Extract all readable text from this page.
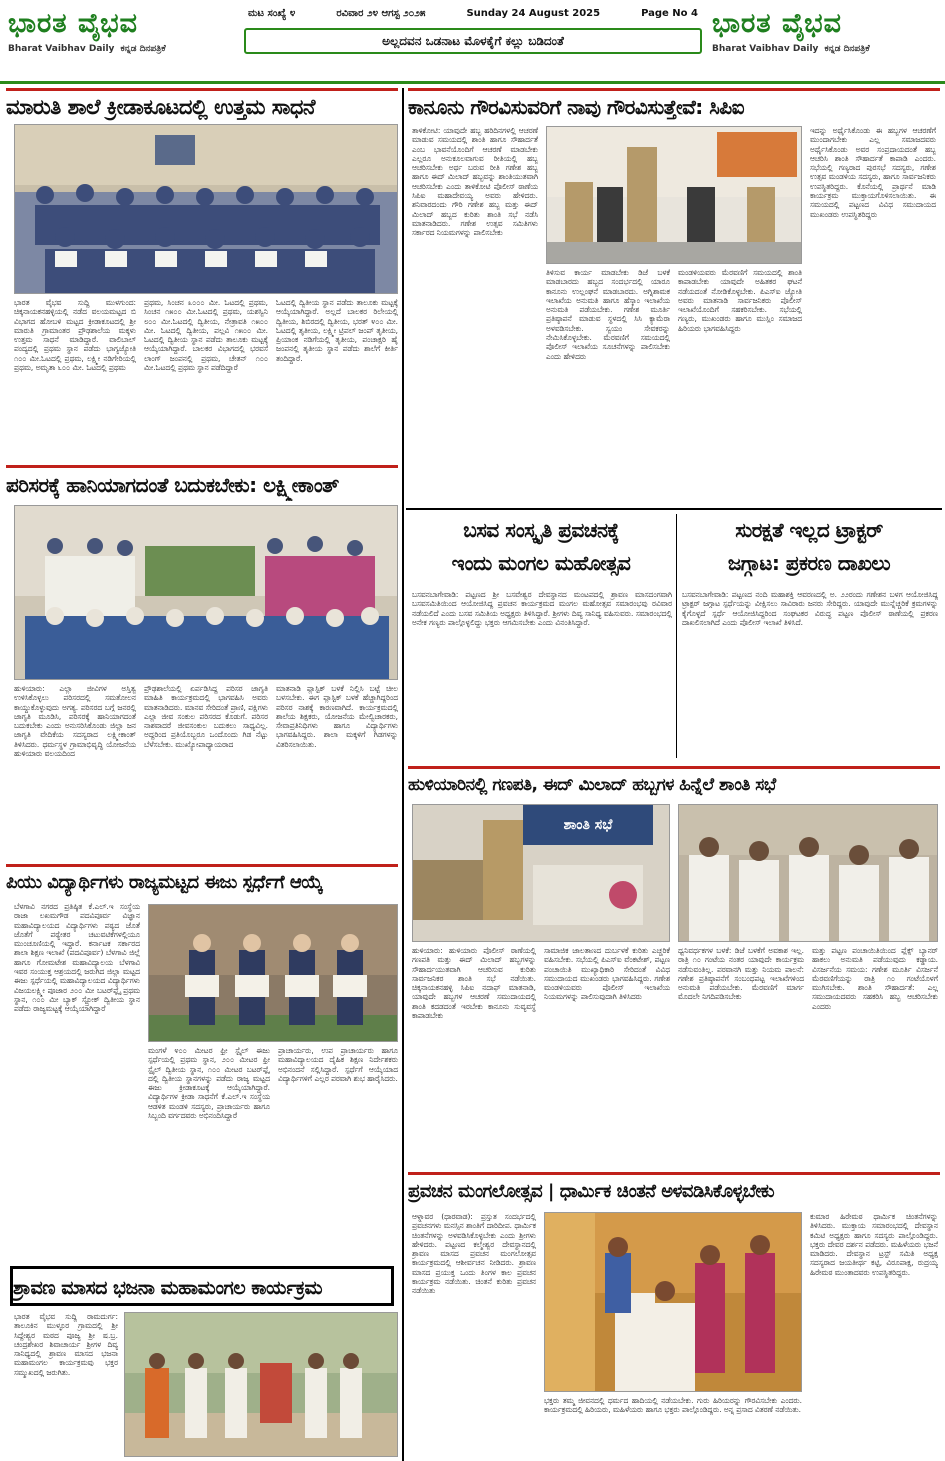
ಭಾರತ ವೈಭವ
Bharat Vaibhav Daily ಕನ್ನಡ ದಿನಪತ್ರಿಕೆ
ಮಟ ಸಂಖ್ಯೆ ೪	ರವಿವಾರ ೨೪ ಆಗಸ್ಟ ೨೦೨೫	Sunday 24 August 2025	Page No 4
ಅಲ್ಲದವನ ಒಡನಾಟ ಮೊಳಕೈಗೆ ಕಲ್ಲು ಬಡಿದಂತೆ
ಭಾರತ ವೈಭವ
Bharat Vaibhav Daily ಕನ್ನಡ ದಿನಪತ್ರಿಕೆ
ಮಾರುತಿ ಶಾಲೆ ಕ್ರೀಡಾಕೂಟದಲ್ಲಿ ಉತ್ತಮ ಸಾಧನೆ
ಭಾರತ ವೈಭವ ಸುದ್ದಿ ಮುಳಗುಂದ: ಚಿಕ್ಕನಾಯಕನಹಳ್ಳಿಯಲ್ಲಿ ನಡೆದ ವಲಯಮಟ್ಟದ ಬಿ ವಿಭಾಗದ ಹೋಬಳಿ ಮಟ್ಟದ ಕ್ರೀಡಾಕೂಟದಲ್ಲಿ ಶ್ರೀ ಮಾರುತಿ ಗ್ರಾಮಾಂತರ ಪ್ರೌಢಶಾಲೆಯ ಮಕ್ಕಳು ಉತ್ತಮ ಸಾಧನೆ ಮಾಡಿದ್ದಾರೆ. ವಾಲಿಬಾಲ್ ಪಂದ್ಯದಲ್ಲಿ ಪ್ರಥಮ ಸ್ಥಾನ ಪಡೆದು ಭಾಗ್ಯಜ್ಯೋತಿ ೧೦೦ ಮೀ.ಓಟದಲ್ಲಿ ಪ್ರಥಮ, ಲಕ್ಷ್ಮೀ ನಡಿಗೇರಿಯಲ್ಲಿ ಪ್ರಥಮ, ಅಮೃತಾ ೬೦೦ ಮೀ. ಓಟದಲ್ಲಿ ಪ್ರಥಮ
ಪ್ರಥಮ, ಸಿಂಚನ ೩೦೦೦ ಮೀ. ಓಟದಲ್ಲಿ ಪ್ರಥಮ, ಸಿಂಚನ ೧೫೦೦ ಮೀ.ಓಟದಲ್ಲಿ ಪ್ರಥಮ, ಯಶಸ್ವಿನಿ ೮೦೦ ಮೀ.ಓಟದಲ್ಲಿ ದ್ವಿತೀಯ, ನೇತ್ರಾವತಿ ೧೫೦೦ ಮೀ. ಓಟದಲ್ಲಿ ದ್ವಿತೀಯ, ಪಲ್ಲವಿ ೧೫೦೦ ಮೀ. ಓಟದಲ್ಲಿ ದ್ವಿತೀಯ ಸ್ಥಾನ ಪಡೆದು ತಾಲೂಕು ಮಟ್ಟಕ್ಕೆ ಆಯ್ಕೆಯಾಗಿದ್ದಾರೆ. ಬಾಲಕರ ವಿಭಾಗದಲ್ಲಿ ಭರವಸೆ ಲಾಂಗ್ ಜಂಪನಲ್ಲಿ ಪ್ರಥಮ, ಚೇತನ್ ೧೦೦ ಮೀ.ಓಟದಲ್ಲಿ ಪ್ರಥಮ ಸ್ಥಾನ ಪಡೆದಿದ್ದಾರೆ
ಓಟದಲ್ಲಿ ದ್ವಿತೀಯ ಸ್ಥಾನ ಪಡೆದು ತಾಲೂಕು ಮಟ್ಟಕ್ಕೆ ಆಯ್ಕೆಯಾಗಿದ್ದಾರೆ. ಅಲ್ಲದೆ ಬಾಲಕರ ರಿಲೇಯಲ್ಲಿ ದ್ವಿತೀಯ, ಶಿಬಿರದಲ್ಲಿ ದ್ವಿತೀಯ, ಭರತ್ ೪೦೦ ಮೀ. ಓಟದಲ್ಲಿ ತೃತೀಯ, ಲಕ್ಷ್ಮೀ ಟ್ರಿಪಲ್ ಜಂಪ್ ತೃತೀಯ, ಪ್ರಿಯಾಂಕ ನಡಿಗೆಯಲ್ಲಿ ತೃತೀಯ, ಪಂಚಾಕ್ಷರಿ ಹೈ ಜಂಪನಲ್ಲಿ ತೃತೀಯ ಸ್ಥಾನ ಪಡೆದು ಶಾಲೆಗೆ ಕೀರ್ತಿ ತಂದಿದ್ದಾರೆ.
ಪರಿಸರಕ್ಕೆ ಹಾನಿಯಾಗದಂತೆ ಬದುಕಬೇಕು: ಲಕ್ಷ್ಮೀಕಾಂತ್
ಹುಳಿಯಾರು: ಎಲ್ಲಾ ಜೀವಿಗಳ ಅಸ್ತಿತ್ವ ಉಳಿಸಿಕೊಳ್ಳಲು ಪರಿಸರದಲ್ಲಿ ಸಮತೋಲನ ಕಾಯ್ದುಕೊಳ್ಳುವುದು ಅಗತ್ಯ. ಪರಿಸರದ ಬಗ್ಗೆ ಜನರಲ್ಲಿ ಜಾಗೃತಿ ಮೂಡಿಸಿ, ಪರಿಸರಕ್ಕೆ ಹಾನಿಯಾಗದಂತೆ ಬದುಕಬೇಕು ಎಂದು ಅನುಸರಿಸಿಕೊಂಡು ಜಿಲ್ಲಾ ಜನ ಜಾಗೃತಿ ವೇದಿಕೆಯ ಸದಸ್ಯರಾದ ಲಕ್ಷ್ಮೀಕಾಂತ್ ತಿಳಿಸಿದರು. ಧರ್ಮಸ್ಥಳ ಗ್ರಾಮಾಭಿವೃದ್ಧಿ ಯೋಜನೆಯ ಹುಳಿಯಾರು ವಲಯದಿಂದ
ಪ್ರೌಢಶಾಲೆಯಲ್ಲಿ ಏರ್ಪಡಿಸಿದ್ದ ಪರಿಸರ ಜಾಗೃತಿ ಮಾಹಿತಿ ಕಾರ್ಯಕ್ರಮದಲ್ಲಿ ಭಾಗವಹಿಸಿ ಅವರು ಮಾತನಾಡಿದರು. ಮಾನವ ಸೇರಿದಂತೆ ಪ್ರಾಣಿ, ಪಕ್ಷಿಗಳು ಎಲ್ಲಾ ಜೀವ ಸಂಕುಲ ಪರಿಸರದ ಕೊಡುಗೆ. ಪರಿಸರ ನಾಶವಾದರೆ ಜೀವಸಂಕುಲ ಬದುಕಲು ಸಾಧ್ಯವಿಲ್ಲ. ಅದ್ದರಿಂದ ಪ್ರತಿಯೊಬ್ಬರೂ ಒಂದೊಂದು ಗಿಡ ನೆಟ್ಟು ಬೆಳೆಸಬೇಕು. ಮುಖ್ಯೋಪಾಧ್ಯಾಯರಾದ
ಮಾತನಾಡಿ ಪ್ಲಾಸ್ಟಿಕ್ ಬಳಕೆ ನಿಲ್ಲಿಸಿ ಬಟ್ಟೆ ಚೀಲ ಬಳಸಬೇಕು. ಈಗ ಪ್ಲಾಸ್ಟಿಕ್ ಬಳಕೆ ಹೆಚ್ಚಾಗಿದ್ದರಿಂದ ಪರಿಸರ ನಾಶಕ್ಕೆ ಕಾರಣವಾಗಿದೆ. ಕಾರ್ಯಕ್ರಮದಲ್ಲಿ ಶಾಲೆಯ ಶಿಕ್ಷಕರು, ಯೋಜನೆಯ ಮೇಲ್ವಿಚಾರಕರು, ಸೇವಾಪ್ರತಿನಿಧಿಗಳು ಹಾಗೂ ವಿದ್ಯಾರ್ಥಿಗಳು ಭಾಗವಹಿಸಿದ್ದರು. ಶಾಲಾ ಮಕ್ಕಳಿಗೆ ಗಿಡಗಳನ್ನು ವಿತರಿಸಲಾಯಿತು.
ಪಿಯು ವಿದ್ಯಾರ್ಥಿಗಳು ರಾಜ್ಯಮಟ್ಟದ ಈಜು ಸ್ಪರ್ಧೆಗೆ ಆಯ್ಕೆ
ಬೆಳಗಾವಿ ನಗರದ ಪ್ರತಿಷ್ಠಿತ ಕೆ.ಎಲ್.ಇ ಸಂಸ್ಥೆಯ ರಾಜಾ ಲಖಮಗೌಡ ಪದವಿಪೂರ್ವ ವಿಜ್ಞಾನ ಮಹಾವಿದ್ಯಾಲಯದ ವಿದ್ಯಾರ್ಥಿಗಳು ಪಠ್ಯದ ಜೊತೆ ಜೊತೆಗೆ ಪಠ್ಯೇತರ ಚಟುವಟಿಕೆಗಳಲ್ಲಿಯೂ ಮುಂಚೂಣಿಯಲ್ಲಿ ಇದ್ದಾರೆ. ಕರ್ನಾಟಕ ಸರ್ಕಾರದ ಶಾಲಾ ಶಿಕ್ಷಣ ಇಲಾಖೆ (ಪದವಿಪೂರ್ವ) ಬೆಳಗಾವಿ ಜಿಲ್ಲೆ ಹಾಗೂ ಗೋಮಟೇಶ ಮಹಾವಿದ್ಯಾಲಯ ಬೆಳಗಾವಿ ಇವರ ಸಂಯುಕ್ತ ಆಶ್ರಯದಲ್ಲಿ ಜರುಗಿದ ಜಿಲ್ಲಾ ಮಟ್ಟದ ಈಜು ಸ್ಪರ್ಧೆಯಲ್ಲಿ ಮಹಾವಿದ್ಯಾಲಯದ ವಿದ್ಯಾರ್ಥಿಗಳು ವಿಜಯಲಕ್ಷ್ಮೀ ಪೂಜಾರ ೨೦೦ ಮೀ ಬಟರ್‌ಫ್ಲೈ ಪ್ರಥಮ ಸ್ಥಾನ, ೧೦೦ ಮೀ ಬ್ಯಾಕ್ ಸ್ಟ್ರೋಕ್ ದ್ವಿತೀಯ ಸ್ಥಾನ ಪಡೆದು ರಾಜ್ಯಮಟ್ಟಕ್ಕೆ ಆಯ್ಕೆಯಾಗಿದ್ದಾರೆ
ಮಂಗಳೆ ೪೦೦ ಮೀಟರ ಫ್ರೀ ಸ್ಟೈಲ್ ಈಜು ಸ್ಪರ್ಧೆಯಲ್ಲಿ ಪ್ರಥಮ ಸ್ಥಾನ, ೨೦೦ ಮೀಟರ ಫ್ರೀ ಸ್ಟೈಲ್ ದ್ವಿತೀಯ ಸ್ಥಾನ, ೧೦೦ ಮೀಟರ ಬಟರ್‌ಫ್ಲೈ ದಲ್ಲಿ ದ್ವಿತೀಯ ಸ್ಥಾನಗಳನ್ನು ಪಡೆದು ರಾಜ್ಯ ಮಟ್ಟದ ಈಜು ಕ್ರೀಡಾಕೂಟಕ್ಕೆ ಆಯ್ಕೆಯಾಗಿದ್ದಾರೆ. ವಿದ್ಯಾರ್ಥಿಗಳ ಕ್ರೀಡಾ ಸಾಧನೆಗೆ ಕೆ.ಎಲ್.ಇ ಸಂಸ್ಥೆಯ ಆಡಳಿತ ಮಂಡಳಿ ಸದಸ್ಯರು, ಪ್ರಾಚಾರ್ಯರು ಹಾಗೂ ಸಿಬ್ಬಂದಿ ವರ್ಗದವರು ಅಭಿನಂದಿಸಿದ್ದಾರೆ
ಪ್ರಾಚಾರ್ಯರು, ಉಪ ಪ್ರಾಚಾರ್ಯರು ಹಾಗೂ ಮಹಾವಿದ್ಯಾಲಯದ ದೈಹಿಕ ಶಿಕ್ಷಣ ನಿರ್ದೇಶಕರು ಅಭಿನಂದನೆ ಸಲ್ಲಿಸಿದ್ದಾರೆ. ಸ್ಪರ್ಧೆಗೆ ಆಯ್ಕೆಯಾದ ವಿದ್ಯಾರ್ಥಿಗಳಿಗೆ ಎಲ್ಲರ ಪರವಾಗಿ ಶುಭ ಹಾರೈಸಿದರು.
ಶ್ರಾವಣ ಮಾಸದ ಭಜನಾ ಮಹಾಮಂಗಲ ಕಾರ್ಯಕ್ರಮ
ಭಾರತ ವೈಭವ ಸುದ್ದಿ ರಾಮದುರ್ಗ: ತಾಲೂಕಿನ ಮುಳ್ಳೂರ ಗ್ರಾಮದಲ್ಲಿ ಶ್ರೀ ಸಿದ್ದೇಶ್ವರ ಮಠದ ಪೂಜ್ಯ ಶ್ರೀ ಷ.ಬ್ರ. ಚಂದ್ರಶೇಖರ ಶಿವಾಚಾರ್ಯ ಶ್ರೀಗಳ ದಿವ್ಯ ಸಾನಿಧ್ಯದಲ್ಲಿ ಶ್ರಾವಣ ಮಾಸದ ಭಜನಾ ಮಹಾಮಂಗಲ ಕಾರ್ಯಕ್ರಮವು ಭಕ್ತರ ಸಮ್ಮುಖದಲ್ಲಿ ಜರುಗಿತು.
ಕಾನೂನು ಗೌರವಿಸುವರಿಗೆ ನಾವು ಗೌರವಿಸುತ್ತೇವೆ: ಸಿಪಿಐ
ತಾಳಿಕೋಟಿ: ಯಾವುದೇ ಹಬ್ಬ ಹರಿದಿನಗಳಲ್ಲಿ ಆಚರಣೆ ಮಾಡುವ ಸಮಯದಲ್ಲಿ ಶಾಂತಿ ಹಾಗೂ ಸೌಹಾರ್ದತೆ ಎಂಬ ಭಾವನೆಯೊಂದಿಗೆ ಆಚರಣೆ ಮಾಡಬೇಕು ಎಲ್ಲರೂ ಅನುಕೂಲವಾಗುವ ರೀತಿಯಲ್ಲಿ ಹಬ್ಬ ಆಚರಿಸಬೇಕು ಅರ್ಥ ಬರುವ ರೀತಿ ಗಣೇಶ ಹಬ್ಬ ಹಾಗೂ ಈದ್ ಮಿಲಾದ್ ಹಬ್ಬವನ್ನು ಶಾಂತಿಯುತವಾಗಿ ಆಚರಿಸಬೇಕು ಎಂದು ತಾಳಿಕೋಟಿ ಪೊಲೀಸ್ ಠಾಣೆಯ ಸಿಪಿಐ ಮಹಾದೇವಯ್ಯ ಅವರು ಹೇಳಿದರು. ಶನಿವಾರದಂದು ಗೌರಿ ಗಣೇಶ ಹಬ್ಬ ಮತ್ತು ಈದ್ ಮಿಲಾದ್ ಹಬ್ಬದ ಕುರಿತು ಶಾಂತಿ ಸಭೆ ನಡೆಸಿ ಮಾತನಾಡಿದರು. ಗಣೇಶ ಉತ್ಸವ ಸಮಿತಿಗಳು ಸರ್ಕಾರದ ನಿಯಮಗಳನ್ನು ಪಾಲಿಸಬೇಕು
ತಿಳಿಸುವ ಕಾರ್ಯ ಮಾಡಬೇಕು ಡಿಜೆ ಬಳಕೆ ಮಾಡಬಾರದು ಹಬ್ಬದ ಸಂದರ್ಭದಲ್ಲಿ ಯಾರೂ ಕಾನೂನು ಉಲ್ಲಂಘನೆ ಮಾಡಬಾರದು. ಅಗ್ನಿಶಾಮಕ ಇಲಾಖೆಯ ಅನುಮತಿ ಹಾಗೂ ಹೆಸ್ಕಾಂ ಇಲಾಖೆಯ ಅನುಮತಿ ಪಡೆಯಬೇಕು. ಗಣೇಶ ಮೂರ್ತಿ ಪ್ರತಿಷ್ಠಾಪನೆ ಮಾಡುವ ಸ್ಥಳದಲ್ಲಿ ಸಿಸಿ ಕ್ಯಾಮೆರಾ ಅಳವಡಿಸಬೇಕು. ಸ್ವಯಂ ಸೇವಕರನ್ನು ನೇಮಿಸಿಕೊಳ್ಳಬೇಕು. ಮೆರವಣಿಗೆ ಸಮಯದಲ್ಲಿ ಪೊಲೀಸ್ ಇಲಾಖೆಯ ಸೂಚನೆಗಳನ್ನು ಪಾಲಿಸಬೇಕು ಎಂದು ಹೇಳಿದರು
ಮಂಡಳಿಯವರು ಮೆರವಣಿಗೆ ಸಮಯದಲ್ಲಿ ಶಾಂತಿ ಕಾಪಾಡಬೇಕು ಯಾವುದೇ ಅಹಿತಕರ ಘಟನೆ ನಡೆಯದಂತೆ ನೋಡಿಕೊಳ್ಳಬೇಕು. ಪಿಎಸ್ಐ ಜ್ಯೋತಿ ಅವರು ಮಾತನಾಡಿ ಸಾರ್ವಜನಿಕರು ಪೊಲೀಸ್ ಇಲಾಖೆಯೊಂದಿಗೆ ಸಹಕರಿಸಬೇಕು. ಸಭೆಯಲ್ಲಿ ಗಣ್ಯರು, ಮುಖಂಡರು ಹಾಗೂ ಮುಸ್ಲಿಂ ಸಮಾಜದ ಹಿರಿಯರು ಭಾಗವಹಿಸಿದ್ದರು
ಇದನ್ನು ಅರ್ಥೈಸಿಕೊಂಡು ಈ ಹಬ್ಬಗಳ ಆಚರಣೆಗೆ ಮುಂದಾಗಬೇಕು ಎಲ್ಲ ಸಮಾಜದವರು ಅರ್ಥೈಸಿಕೊಂಡು ಅವರ ಸಂಪ್ರದಾಯದಂತೆ ಹಬ್ಬ ಆಚರಿಸಿ ಶಾಂತಿ ಸೌಹಾರ್ದತೆ ಕಾಪಾಡಿ ಎಂದರು. ಸಭೆಯಲ್ಲಿ ಗಣ್ಯರಾದ ಪುರಸಭೆ ಸದಸ್ಯರು, ಗಣೇಶ ಉತ್ಸವ ಮಂಡಳಿಯ ಸದಸ್ಯರು, ಹಾಗೂ ಸಾರ್ವಜನಿಕರು ಉಪಸ್ಥಿತರಿದ್ದರು. ಕೊನೆಯಲ್ಲಿ ಪ್ರಾರ್ಥನೆ ಮಾಡಿ ಕಾರ್ಯಕ್ರಮ ಮುಕ್ತಾಯಗೊಳಿಸಲಾಯಿತು. ಈ ಸಮಯದಲ್ಲಿ ಪಟ್ಟಣದ ವಿವಿಧ ಸಮುದಾಯದ ಮುಖಂಡರು ಉಪಸ್ಥಿತರಿದ್ದರು
ಬಸವ ಸಂಸ್ಕೃತಿ ಪ್ರವಚನಕ್ಕೆ
ಇಂದು ಮಂಗಲ ಮಹೋತ್ಸವ
ಬಸವನಬಾಗೇವಾಡಿ: ಪಟ್ಟಣದ ಶ್ರೀ ಬಸವೇಶ್ವರ ದೇವಸ್ಥಾನದ ಮಂಟಪದಲ್ಲಿ ಶ್ರಾವಣ ಮಾಸದಂಗವಾಗಿ ಬಸವಸಮಿತಿಯಿಂದ ಆಯೋಜಿಸಿದ್ದ ಪ್ರವಚನ ಕಾರ್ಯಕ್ರಮದ ಮಂಗಲ ಮಹೋತ್ಸವ ಸಮಾರಂಭವು ರವಿವಾರ ನಡೆಯಲಿದೆ ಎಂದು ಬಸವ ಸಮಿತಿಯ ಅಧ್ಯಕ್ಷರು ತಿಳಿಸಿದ್ದಾರೆ. ಶ್ರೀಗಳು ದಿವ್ಯ ಸಾನಿಧ್ಯ ವಹಿಸುವರು. ಸಮಾರಂಭದಲ್ಲಿ ಅನೇಕ ಗಣ್ಯರು ಪಾಲ್ಗೊಳ್ಳಲಿದ್ದು ಭಕ್ತರು ಆಗಮಿಸಬೇಕು ಎಂದು ವಿನಂತಿಸಿದ್ದಾರೆ.
ಸುರಕ್ಷತೆ ಇಲ್ಲದ ಟ್ರಾಕ್ಟರ್
ಜಗ್ಗಾಟ: ಪ್ರಕರಣ ದಾಖಲು
ಬಸವನಬಾಗೇವಾಡಿ: ಪಟ್ಟಣದ ನಂದಿ ಮಹಾಶಕ್ತಿ ಆವರಣದಲ್ಲಿ ಅ. ೨೨ರಂದು ಗಣೇಶನ ಬಳಗ ಆಯೋಜಿಸಿದ್ದ ಟ್ರಾಕ್ಟರ್ ಜಗ್ಗಾಟ ಸ್ಪರ್ಧೆಯನ್ನು ವೀಕ್ಷಿಸಲು ಸಾವಿರಾರು ಜನರು ಸೇರಿದ್ದರು. ಯಾವುದೇ ಮುನ್ನೆಚ್ಚರಿಕೆ ಕ್ರಮಗಳನ್ನು ಕೈಗೊಳ್ಳದೆ ಸ್ಪರ್ಧೆ ಆಯೋಜಿಸಿದ್ದರಿಂದ ಸಂಘಟಕರ ವಿರುದ್ಧ ಪಟ್ಟಣ ಪೊಲೀಸ್ ಠಾಣೆಯಲ್ಲಿ ಪ್ರಕರಣ ದಾಖಲಿಸಲಾಗಿದೆ ಎಂದು ಪೊಲೀಸ್ ಇಲಾಖೆ ತಿಳಿಸಿದೆ.
ಹುಳಿಯಾರಿನಲ್ಲಿ ಗಣಪತಿ, ಈದ್ ಮಿಲಾದ್ ಹಬ್ಬಗಳ ಹಿನ್ನೆಲೆ ಶಾಂತಿ ಸಭೆ
ಶಾಂತಿ ಸಭೆ
ಹುಳಿಯಾರು: ಹುಳಿಯಾರು ಪೊಲೀಸ್ ಠಾಣೆಯಲ್ಲಿ ಗಣಪತಿ ಮತ್ತು ಈದ್ ಮಿಲಾದ್ ಹಬ್ಬಗಳನ್ನು ಸೌಹಾರ್ದಯುತವಾಗಿ ಆಚರಿಸುವ ಕುರಿತು ಸಾರ್ವಜನಿಕರ ಶಾಂತಿ ಸಭೆ ನಡೆಯಿತು. ಚಿಕ್ಕನಾಯಕನಹಳ್ಳಿ ಸಿಪಿಐ ನದಾಫ್ ಮಾತನಾಡಿ, ಯಾವುದೇ ಹಬ್ಬಗಳ ಆಚರಣೆ ಸಮುದಾಯದಲ್ಲಿ ಶಾಂತಿ ಕದಡದಂತೆ ಇರಬೇಕು ಕಾನೂನು ಸುವ್ಯವಸ್ಥೆ ಕಾಪಾಡಬೇಕು
ಸಾಮಾಜಿಕ ಜಾಲತಾಣದ ದುರ್ಬಳಕೆ ಕುರಿತು ಎಚ್ಚರಿಕೆ ವಹಿಸಬೇಕು. ಸಭೆಯಲ್ಲಿ ಪಿಎಸ್ಐ ವೆಂಕಟೇಶ್, ಪಟ್ಟಣ ಪಂಚಾಯಿತಿ ಮುಖ್ಯಾಧಿಕಾರಿ ಸೇರಿದಂತೆ ವಿವಿಧ ಸಮುದಾಯದ ಮುಖಂಡರು ಭಾಗವಹಿಸಿದ್ದರು. ಗಣೇಶ ಮಂಡಳಿಯವರು ಪೊಲೀಸ್ ಇಲಾಖೆಯ ನಿಯಮಗಳನ್ನು ಪಾಲಿಸುವುದಾಗಿ ತಿಳಿಸಿದರು
ಧ್ವನಿವರ್ಧಕಗಳ ಬಳಕೆ: ಡಿಜೆ ಬಳಕೆಗೆ ಅವಕಾಶ ಇಲ್ಲ. ರಾತ್ರಿ ೧೦ ಗಂಟೆಯ ನಂತರ ಯಾವುದೇ ಕಾರ್ಯಕ್ರಮ ನಡೆಸುವಂತಿಲ್ಲ. ಪರವಾನಗಿ ಮತ್ತು ನಿಯಮ ಪಾಲನೆ: ಗಣೇಶ ಪ್ರತಿಷ್ಠಾಪನೆಗೆ ಸಂಬಂಧಪಟ್ಟ ಇಲಾಖೆಗಳಿಂದ ಅನುಮತಿ ಪಡೆಯಬೇಕು. ಮೆರವಣಿಗೆ ಮಾರ್ಗ ಮೊದಲೇ ನಿಗದಿಪಡಿಸಬೇಕು
ಮತ್ತು ಪಟ್ಟಣ ಪಂಚಾಯಿತಿಯಿಂದ ಪ್ಲೆಕ್ಸ್ ಬ್ಯಾನರ್ ಹಾಕಲು ಅನುಮತಿ ಪಡೆಯುವುದು ಕಡ್ಡಾಯ. ವಿಸರ್ಜನೆಯ ಸಮಯ: ಗಣೇಶ ಮೂರ್ತಿ ವಿಸರ್ಜನೆ ಮೆರವಣಿಗೆಯನ್ನು ರಾತ್ರಿ ೧೦ ಗಂಟೆಯೊಳಗೆ ಮುಗಿಸಬೇಕು. ಶಾಂತಿ ಸೌಹಾರ್ದತೆ: ಎಲ್ಲ ಸಮುದಾಯದವರು ಸಹಕರಿಸಿ ಹಬ್ಬ ಆಚರಿಸಬೇಕು ಎಂದರು
ಪ್ರವಚನ ಮಂಗಲೋತ್ಸವ | ಧಾರ್ಮಿಕ ಚಿಂತನೆ ಅಳವಡಿಸಿಕೊಳ್ಳಬೇಕು
ಆಳ್ನಾವರ (ಧಾರವಾಡ): ಪ್ರಸ್ತುತ ಸಂದರ್ಭದಲ್ಲಿ ಪ್ರವಚನಗಳು ಮನಸ್ಸಿನ ಶಾಂತಿಗೆ ದಾರಿದೀಪ. ಧಾರ್ಮಿಕ ಚಿಂತನೆಗಳನ್ನು ಅಳವಡಿಸಿಕೊಳ್ಳಬೇಕು ಎಂದು ಶ್ರೀಗಳು ಹೇಳಿದರು. ಪಟ್ಟಣದ ಕಲ್ಮೇಶ್ವರ ದೇವಸ್ಥಾನದಲ್ಲಿ ಶ್ರಾವಣ ಮಾಸದ ಪ್ರವಚನ ಮಂಗಲೋತ್ಸವ ಕಾರ್ಯಕ್ರಮದಲ್ಲಿ ಆಶೀರ್ವಚನ ನೀಡಿದರು. ಶ್ರಾವಣ ಮಾಸದ ಪ್ರಯುಕ್ತ ಒಂದು ತಿಂಗಳ ಕಾಲ ಪ್ರವಚನ ಕಾರ್ಯಕ್ರಮ ನಡೆಯಿತು. ಚಿಂತನೆ ಕುರಿತು ಪ್ರವಚನ ನಡೆಯಿತು
ಭಕ್ತರು ತಮ್ಮ ಜೀವನದಲ್ಲಿ ಧರ್ಮದ ಹಾದಿಯಲ್ಲಿ ನಡೆಯಬೇಕು. ಗುರು ಹಿರಿಯರನ್ನು ಗೌರವಿಸಬೇಕು ಎಂದರು. ಕಾರ್ಯಕ್ರಮದಲ್ಲಿ ಹಿರಿಯರು, ಮಹಿಳೆಯರು ಹಾಗೂ ಭಕ್ತರು ಪಾಲ್ಗೊಂಡಿದ್ದರು. ಅನ್ನ ಪ್ರಸಾದ ವಿತರಣೆ ನಡೆಯಿತು.
ಕುಮಾರ ಹಿರೇಮಠ ಧಾರ್ಮಿಕ ಚಿಂತನೆಗಳನ್ನು ತಿಳಿಸಿದರು. ಮುಕ್ತಾಯ ಸಮಾರಂಭದಲ್ಲಿ ದೇವಸ್ಥಾನ ಕಮಿಟಿ ಅಧ್ಯಕ್ಷರು ಹಾಗೂ ಸದಸ್ಯರು ಪಾಲ್ಗೊಂಡಿದ್ದರು. ಭಕ್ತರು ದೇವರ ದರ್ಶನ ಪಡೆದರು. ಮಹಿಳೆಯರು ಭಜನೆ ಮಾಡಿದರು. ದೇವಸ್ಥಾನ ಟ್ರಸ್ಟ್ ಸಮಿತಿ ಅಧ್ಯಕ್ಷ ಸದಸ್ಯರಾದ ಜಯತೀರ್ಥ ಕಟ್ಟಿ, ವಿರೂಪಾಕ್ಷ, ರುದ್ರಯ್ಯ ಹಿರೇಮಠ ಮುಂತಾದವರು ಉಪಸ್ಥಿತರಿದ್ದರು.
